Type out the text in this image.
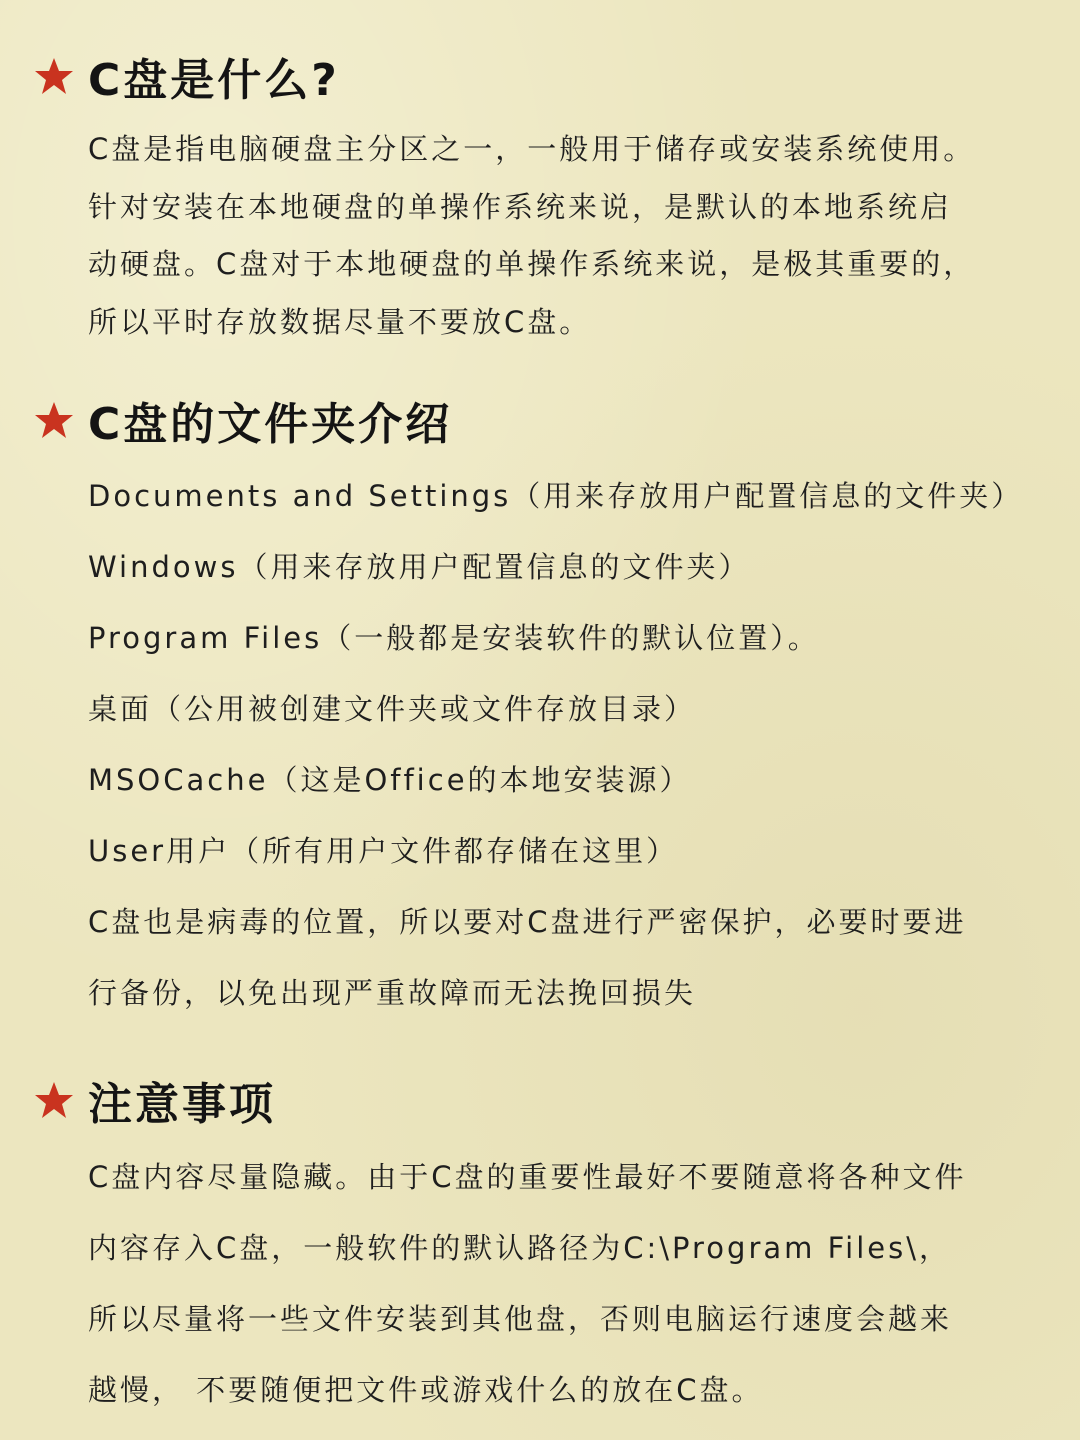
C盘是什么?
C盘是指电脑硬盘主分区之一，一般用于储存或安装系统使用。
针对安装在本地硬盘的单操作系统来说，是默认的本地系统启
动硬盘。C盘对于本地硬盘的单操作系统来说，是极其重要的，
所以平时存放数据尽量不要放C盘。
C盘的文件夹介绍
Documents and Settings（用来存放用户配置信息的文件夹）
Windows（用来存放用户配置信息的文件夹）
Program Files（一般都是安装软件的默认位置）。
桌面（公用被创建文件夹或文件存放目录）
MSOCache（这是Office的本地安装源）
User用户（所有用户文件都存储在这里）
C盘也是病毒的位置，所以要对C盘进行严密保护，必要时要进
行备份，以免出现严重故障而无法挽回损失
注意事项
C盘内容尽量隐藏。由于C盘的重要性最好不要随意将各种文件
内容存入C盘，一般软件的默认路径为C:\Program Files\，
所以尽量将一些文件安装到其他盘，否则电脑运行速度会越来
越慢， 不要随便把文件或游戏什么的放在C盘。
